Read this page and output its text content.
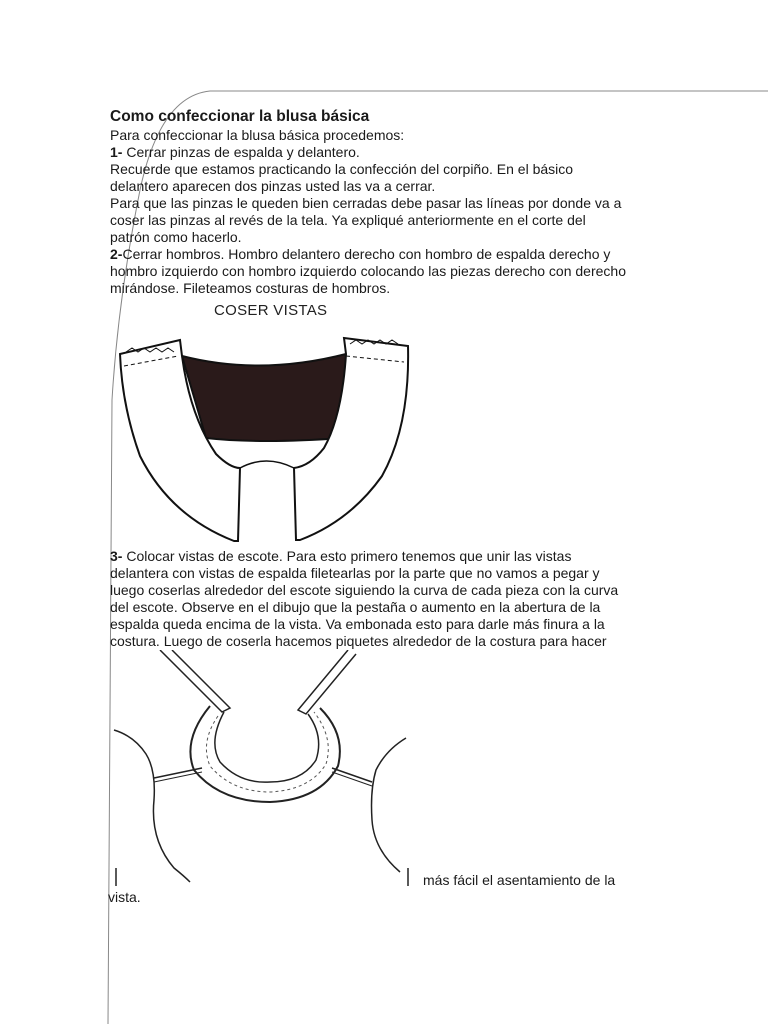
Como confeccionar la blusa básica

Para confeccionar la blusa básica procedemos:

1- Cerrar pinzas de espalda y delantero.

Recuerde que estamos practicando la confección del corpiño. En el básico

delantero aparecen dos pinzas usted las va a cerrar.

Para que las pinzas le queden bien cerradas debe pasar las líneas por donde va a

coser las pinzas al revés de la tela. Ya expliqué anteriormente en el corte del

patrón como hacerlo.

2-Cerrar hombros. Hombro delantero derecho con hombro de espalda derecho y

hombro izquierdo con hombro izquierdo colocando las piezas derecho con derecho

mirándose. Fileteamos costuras de hombros.

COSER VISTAS

3- Colocar vistas de escote. Para esto primero tenemos que unir las vistas

delantera con vistas de espalda filetearlas por la parte que no vamos a pegar y

luego coserlas alrededor del escote siguiendo la curva de cada pieza con la curva

del escote. Observe en el dibujo que la pestaña o aumento en la abertura de la

espalda queda encima de la vista. Va embonada esto para darle más finura a la

costura. Luego de coserla hacemos piquetes alrededor de la costura para hacer

más fácil el asentamiento de la
vista.
